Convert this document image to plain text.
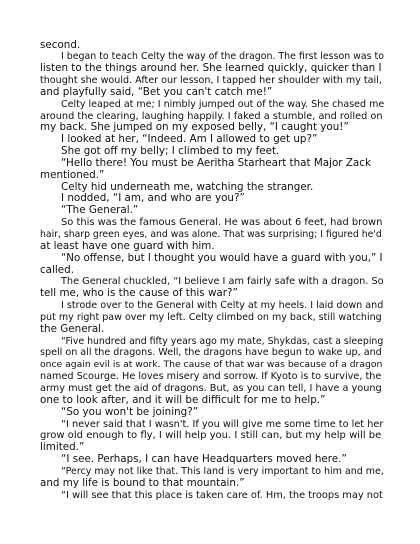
second.
I began to teach Celty the way of the dragon. The first lesson was to
listen to the things around her. She learned quickly, quicker than I
thought she would. After our lesson, I tapped her shoulder with my tail,
and playfully said, “Bet you can't catch me!”
Celty leaped at me; I nimbly jumped out of the way. She chased me
around the clearing, laughing happily. I faked a stumble, and rolled on
my back. She jumped on my exposed belly, “I caught you!”
I looked at her, “Indeed. Am I allowed to get up?”
She got off my belly; I climbed to my feet.
“Hello there! You must be Aeritha Starheart that Major Zack
mentioned.”
Celty hid underneath me, watching the stranger.
I nodded, “I am, and who are you?”
“The General.”
So this was the famous General. He was about 6 feet, had brown
hair, sharp green eyes, and was alone. That was surprising; I figured he'd
at least have one guard with him.
“No offense, but I thought you would have a guard with you,” I
called.
The General chuckled, “I believe I am fairly safe with a dragon. So
tell me, who is the cause of this war?”
I strode over to the General with Celty at my heels. I laid down and
put my right paw over my left. Celty climbed on my back, still watching
the General.
“Five hundred and fifty years ago my mate, Shykdas, cast a sleeping
spell on all the dragons. Well, the dragons have begun to wake up, and
once again evil is at work. The cause of that war was because of a dragon
named Scourge. He loves misery and sorrow. If Kyoto is to survive, the
army must get the aid of dragons. But, as you can tell, I have a young
one to look after, and it will be difficult for me to help.”
“So you won't be joining?”
“I never said that I wasn't. If you will give me some time to let her
grow old enough to fly, I will help you. I still can, but my help will be
limited.”
“I see. Perhaps, I can have Headquarters moved here.”
“Percy may not like that. This land is very important to him and me,
and my life is bound to that mountain.”
“I will see that this place is taken care of. Hm, the troops may not
